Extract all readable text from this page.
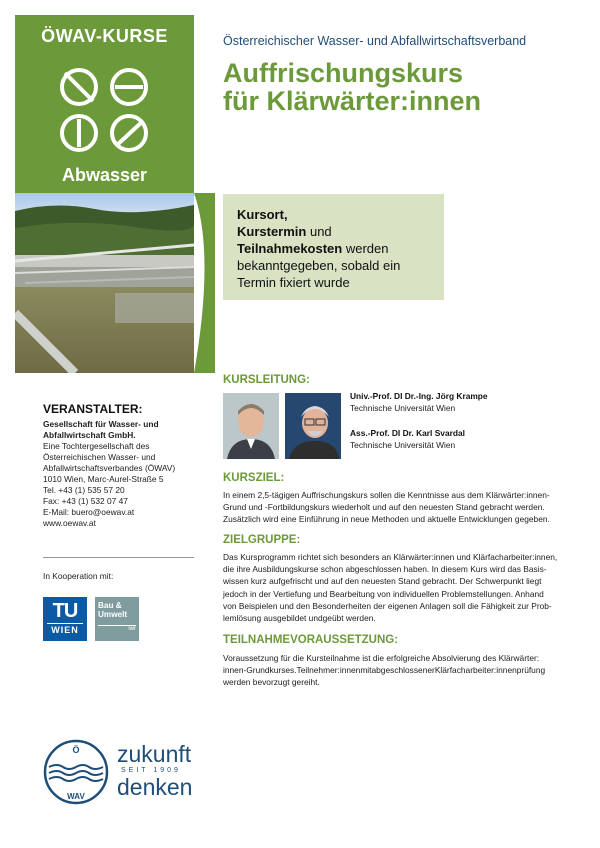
ÖWAV-KURSE
Abwasser
Österreichischer Wasser- und Abfallwirtschaftsverband
Auffrischungskurs
für Klärwärter:innen
Kursort,
Kurstermin und
Teilnahmekosten werden
bekanntgegeben, sobald ein
Termin fixiert wurde
VERANSTALTER:
Gesellschaft für Wasser- und
Abfallwirtschaft GmbH.
Eine Tochtergesellschaft des
Österreichischen Wasser- und
Abfallwirtschaftsverbandes (ÖWAV)
1010 Wien, Marc-Aurel-Straße 5
Tel. +43 (1) 535 57 20
Fax: +43 (1) 532 07 47
E-Mail: buero@oewav.at
www.oewav.at
In Kooperation mit:
TU
WIEN
Bau &
Umwelt
iwr
Ö
WAV
zukunft
SEIT 1909
denken
KURSLEITUNG:
Univ.-Prof. DI Dr.-Ing. Jörg Krampe
Technische Universität Wien
Ass.-Prof. DI Dr. Karl Svardal
Technische Universität Wien
KURSZIEL:
In einem 2,5-tägigen Auffrischungskurs sollen die Kenntnisse aus dem Klärwärter:innen-
Grund und -Fortbildungskurs wiederholt und auf den neuesten Stand gebracht werden.
Zusätzlich wird eine Einführung in neue Methoden und aktuelle Entwicklungen gegeben.
ZIELGRUPPE:
Das Kursprogramm richtet sich besonders an Klärwärter:innen und Klärfacharbeiter:innen,
die ihre Ausbildungskurse schon abgeschlossen haben. In diesem Kurs wird das Basis-
wissen kurz aufgefrischt und auf den neuesten Stand gebracht. Der Schwerpunkt liegt
jedoch in der Vertiefung und Bearbeitung von individuellen Problemstellungen. Anhand
von Beispielen und den Besonderheiten der eigenen Anlagen soll die Fähigkeit zur Prob-
lemlösung ausgebildet undgeübt werden.
TEILNAHMEVORAUSSETZUNG:
Voraussetzung für die Kursteilnahme ist die erfolgreiche Absolvierung des Klärwärter:
innen-Grundkurses.Teilnehmer:innenmitabgeschlossenerKlärfacharbeiter:innenprüfung
werden bevorzugt gereiht.
